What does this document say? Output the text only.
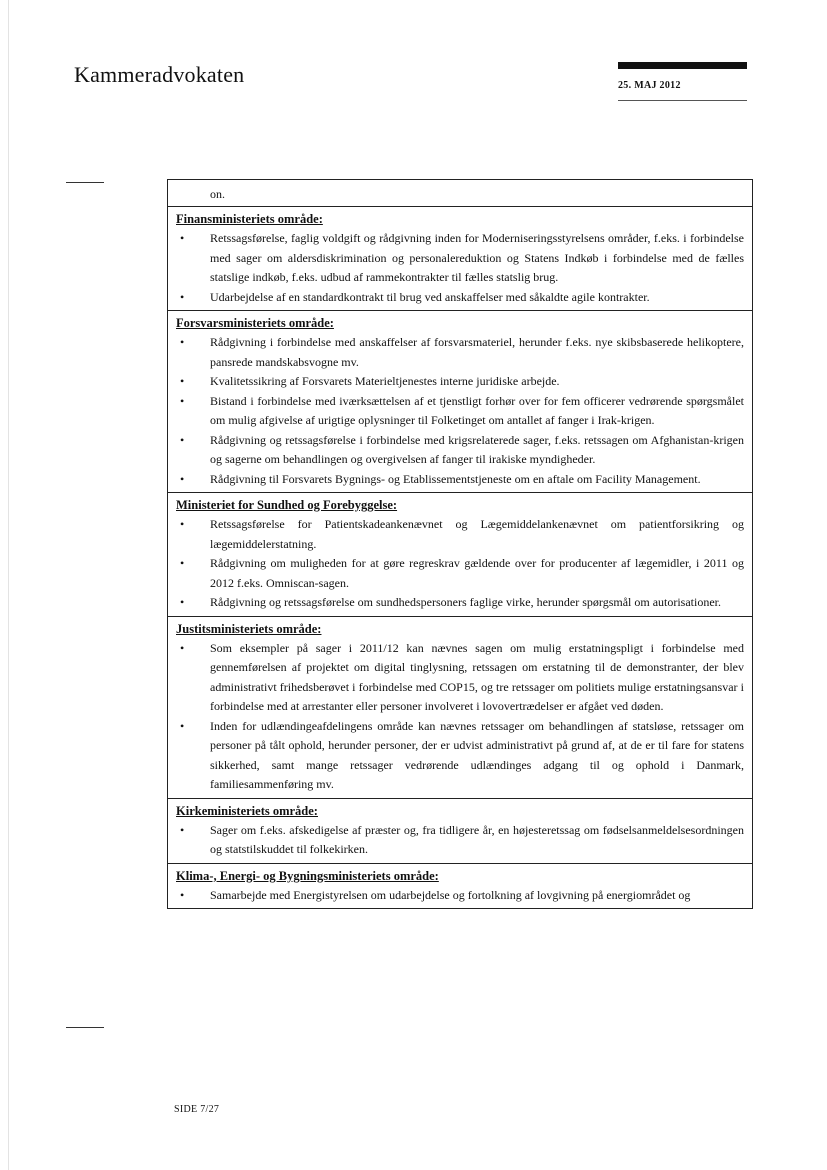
Kammeradvokaten	25. MAJ 2012
on.
Finansministeriets område:
• Retssagsførelse, faglig voldgift og rådgivning inden for Moderniseringsstyrelsens områder, f.eks. i forbindelse med sager om aldersdiskrimination og personalereduktion og Statens Indkøb i forbindelse med de fælles statslige indkøb, f.eks. udbud af rammekontrakter til fælles statslig brug.
• Udarbejdelse af en standardkontrakt til brug ved anskaffelser med såkaldte agile kontrakter.
Forsvarsministeriets område:
• Rådgivning i forbindelse med anskaffelser af forsvarsmateriel, herunder f.eks. nye skibsbaserede helikoptere, pansrede mandskabsvogne mv.
• Kvalitetssikring af Forsvarets Materieltjenestes interne juridiske arbejde.
• Bistand i forbindelse med iværksættelsen af et tjenstligt forhør over for fem officerer vedrørende spørgsmålet om mulig afgivelse af urigtige oplysninger til Folketinget om antallet af fanger i Irak-krigen.
• Rådgivning og retssagsførelse i forbindelse med krigsrelaterede sager, f.eks. retssagen om Afghanistan-krigen og sagerne om behandlingen og overgivelsen af fanger til irakiske myndigheder.
• Rådgivning til Forsvarets Bygnings- og Etablissementstjeneste om en aftale om Facility Management.
Ministeriet for Sundhed og Forebyggelse:
• Retssagsførelse for Patientskadeankenævnet og Lægemiddelankenævnet om patientforsikring og lægemiddelerstatning.
• Rådgivning om muligheden for at gøre regreskrav gældende over for producenter af lægemidler, i 2011 og 2012 f.eks. Omniscan-sagen.
• Rådgivning og retssagsførelse om sundhedspersoners faglige virke, herunder spørgsmål om autorisationer.
Justitsministeriets område:
• Som eksempler på sager i 2011/12 kan nævnes sagen om mulig erstatningspligt i forbindelse med gennemførelsen af projektet om digital tinglysning, retssagen om erstatning til de demonstranter, der blev administrativt frihedsberøvet i forbindelse med COP15, og tre retssager om politiets mulige erstatningsansvar i forbindelse med at arrestanter eller personer involveret i lovovertrædelser er afgået ved døden.
• Inden for udlændingeafdelingens område kan nævnes retssager om behandlingen af statsløse, retssager om personer på tålt ophold, herunder personer, der er udvist administrativt på grund af, at de er til fare for statens sikkerhed, samt mange retssager vedrørende udlændinges adgang til og ophold i Danmark, familiesammenføring mv.
Kirkeministeriets område:
• Sager om f.eks. afskedigelse af præster og, fra tidligere år, en højesteretssag om fødselsanmeldelsesordningen og statstilskuddet til folkekirken.
Klima-, Energi- og Bygningsministeriets område:
• Samarbejde med Energistyrelsen om udarbejdelse og fortolkning af lovgivning på energiområdet og
SIDE 7/27
